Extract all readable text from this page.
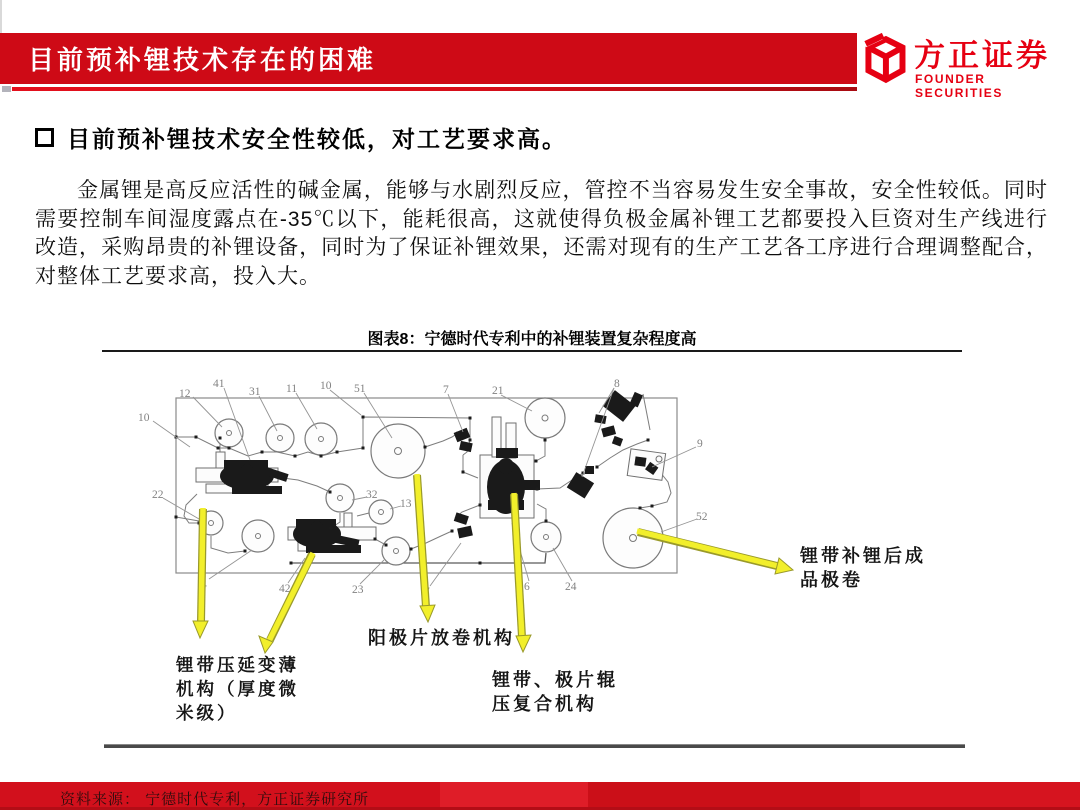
目前预补锂技术存在的困难	方正证券
FOUNDER SECURITIES
目前预补锂技术安全性较低，对工艺要求高。

金属锂是高反应活性的碱金属，能够与水剧烈反应，管控不当容易发生安全事故，安全性较低。同时需要控制车间湿度露点在-35℃以下，能耗很高，这就使得负极金属补锂工艺都要投入巨资对生产线进行改造，采购昂贵的补锂设备，同时为了保证补锂效果，还需对现有的生产工艺各工序进行合理调整配合，对整体工艺要求高，投入大。

图表8：宁德时代专利中的补锂装置复杂程度高
10
12
41
31 11 10 51	7	21
8
9
22	32
13
52
4	42	23	7	6	24
锂带压延变薄
机构（厚度微
米级）
阳极片放卷机构
锂带、极片辊
压复合机构
锂带补锂后成
品极卷
资料来源： 宁德时代专利，方正证券研究所
